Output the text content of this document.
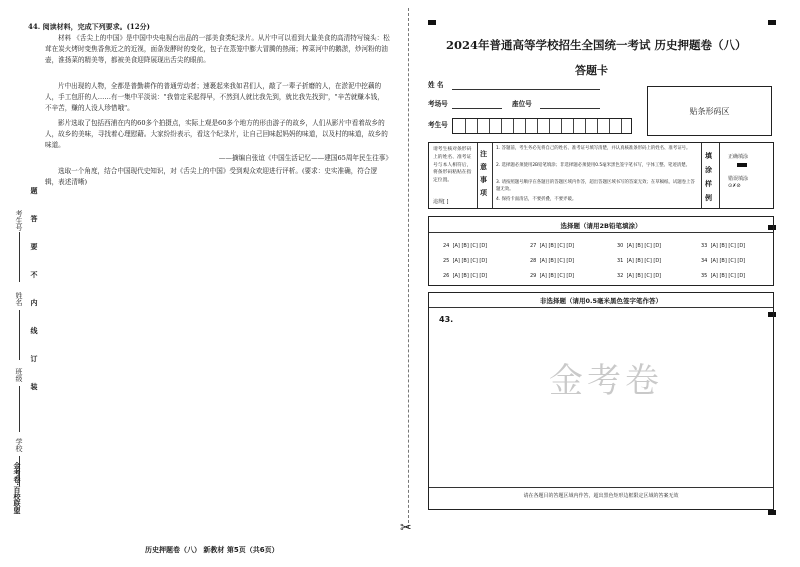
44. 阅读材料，完成下列要求。(12分)
材料 《舌尖上的中国》是中国中央电视台出品的一部美食类纪录片。从片中可以看到大量美食的高清特写镜头：松茸在炭火烤时变焦香焦近之的近视，面条发酵时的变化，包子在蒸笼中膨大冒腾的热雨；榨菜河中的鹅淤，炒河粉的油壶，淮扬菜的精美等，都被美食迎降展现出舌尖的眼前。
片中出现的人物，全都是普勤耕作的普通劳动者；速裹起来我如君们人，敲了一辈子折磨的人，在淤泥中挖藕的人，手工包肝的人……有一集中平淡说："我曾定采起得早，不然到人就比我先到，就比我先找到"，"辛苦就赚本钱，不辛苦，赚的人没人珍惜哦"。
影片选取了包括西浦在内的60多个拍摄点，实际上观是60多个地方的形由游子的故乡，人们从影片中看着故乡的人，故乡的美味，寻找着心理慰藉。大家纷纷表示，看这个纪录片，让自己回味起妈妈的味道，以及村的味道，故乡的味道。
——摘编自张谊《中国生活记忆——建国65周年民生往事》
选取一个角度，结合中国现代史知识，对《舌尖上的中国》受到观众欢迎进行评析。(要求：史实准确，符合逻辑，表述清晰)
题
答
要
不
内
线
订
装
考生号
姓名
班级
学校
金考卷·百校联盟
历史押题卷（八） 新教材 第5页（共6页）
✂
2024年普通高等学校招生全国统一考试 历史押题卷（八）
答题卡
姓 名
考场号	座位号
考生号
贴条形码区
请考生核对条形码上的姓名、准考证号与本人相符后，将条形码粘贴在指定位置。
违规[ ]
注
意
事
项
1. 答题前，考生务必先将自己的姓名、准考证号填写清楚，并认真核准条形码上的姓名、准考证号。
2. 选择题必须使用2B铅笔填涂；非选择题必须使用0.5毫米黑色签字笔书写，字体工整、笔迹清楚。
3. 请按照题号顺序在各题目的答题区域内作答，超出答题区域书写的答案无效；在草稿纸、试题卷上答题无效。
4. 保持卡面清洁，不要折叠，不要弄破。
填
涂
样
例
正确填涂
错误填涂
⊙✗⊘
选择题（请用2B铅笔填涂）
24 [A] [B] [C] [D]
25 [A] [B] [C] [D]
26 [A] [B] [C] [D]
27 [A] [B] [C] [D]
28 [A] [B] [C] [D]
29 [A] [B] [C] [D]
30 [A] [B] [C] [D]
31 [A] [B] [C] [D]
32 [A] [B] [C] [D]
33 [A] [B] [C] [D]
34 [A] [B] [C] [D]
35 [A] [B] [C] [D]
非选择题（请用0.5毫米黑色签字笔作答）
43.
金考卷
请在各题目的答题区域内作答，超出黑色矩形边框限定区域的答案无效
